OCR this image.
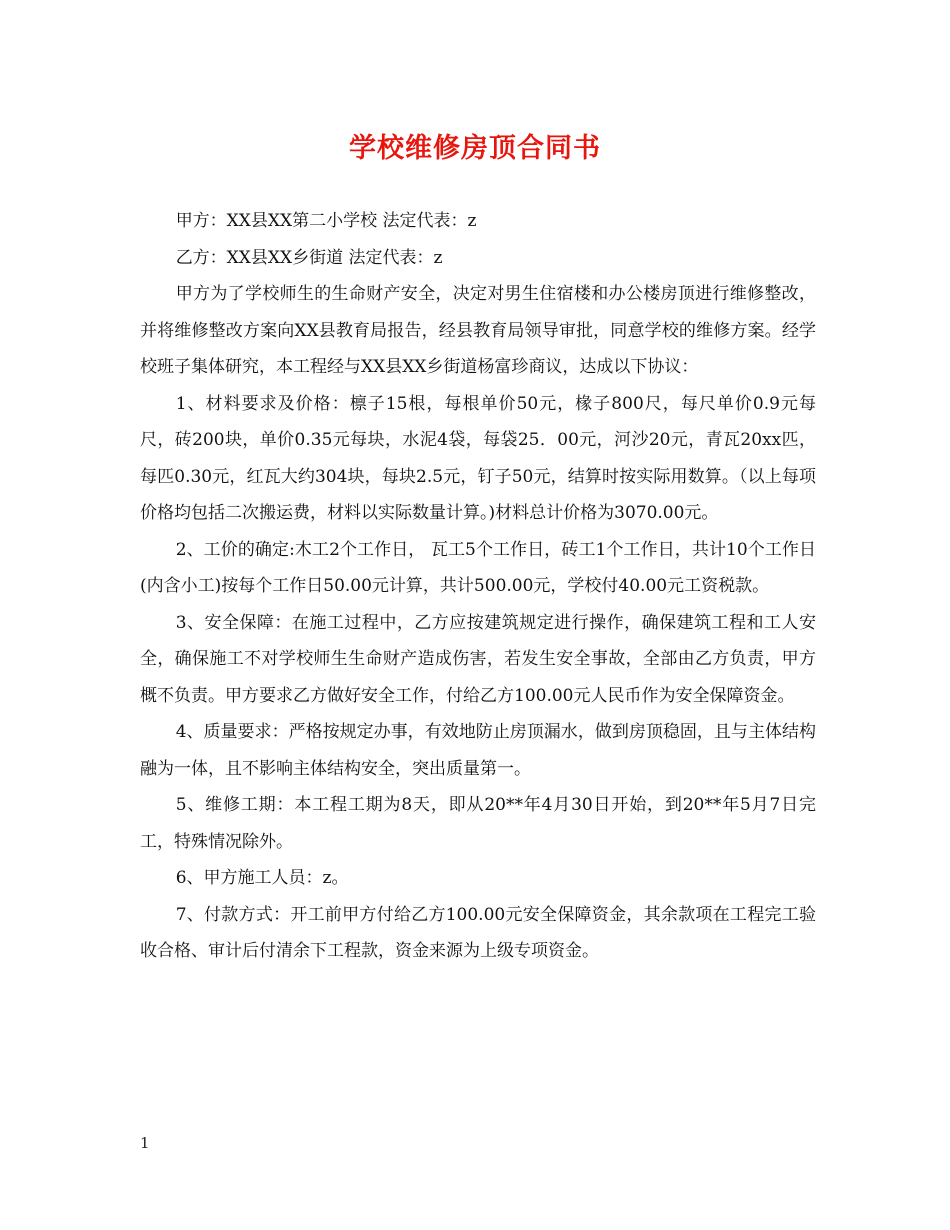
学校维修房顶合同书

甲方：XX县XX第二小学校 法定代表：z

乙方：XX县XX乡街道 法定代表：z

甲方为了学校师生的生命财产安全，决定对男生住宿楼和办公楼房顶进行维修整改，并将维修整改方案向XX县教育局报告，经县教育局领导审批，同意学校的维修方案。经学校班子集体研究，本工程经与XX县XX乡街道杨富珍商议，达成以下协议：

1、材料要求及价格：檩子15根，每根单价50元，椽子800尺，每尺单价0.9元每尺，砖200块，单价0.35元每块，水泥4袋，每袋25．00元，河沙20元，青瓦20xx匹，每匹0.30元，红瓦大约304块，每块2.5元，钉子50元，结算时按实际用数算。（以上每项价格均包括二次搬运费，材料以实际数量计算。)材料总计价格为3070.00元。

2、工价的确定:木工2个工作日， 瓦工5个工作日，砖工1个工作日，共计10个工作日(内含小工)按每个工作日50.00元计算，共计500.00元，学校付40.00元工资税款。

3、安全保障：在施工过程中，乙方应按建筑规定进行操作，确保建筑工程和工人安全，确保施工不对学校师生生命财产造成伤害，若发生安全事故，全部由乙方负责，甲方概不负责。甲方要求乙方做好安全工作，付给乙方100.00元人民币作为安全保障资金。

4、质量要求：严格按规定办事，有效地防止房顶漏水，做到房顶稳固，且与主体结构融为一体，且不影响主体结构安全，突出质量第一。

5、维修工期：本工程工期为8天，即从20**年4月30日开始，到20**年5月7日完工，特殊情况除外。

6、甲方施工人员：z。

7、付款方式：开工前甲方付给乙方100.00元安全保障资金，其余款项在工程完工验收合格、审计后付清余下工程款，资金来源为上级专项资金。

1
